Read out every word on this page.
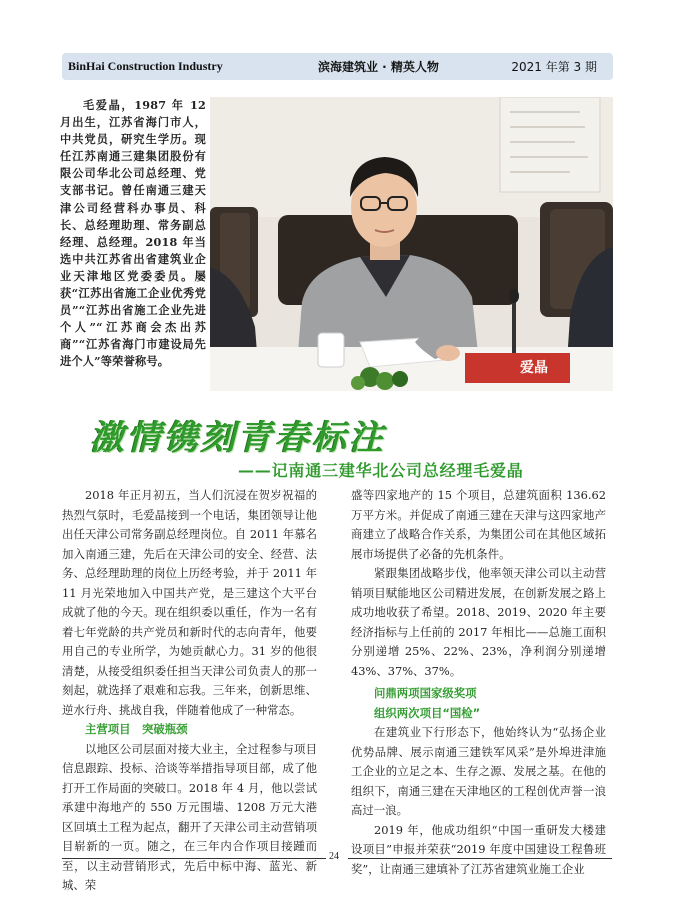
BinHai Construction Industry	滨海建筑业 · 精英人物	2021 年第 3 期
毛爱晶，1987 年 12 月出生，江苏省海门市人，中共党员，研究生学历。现任江苏南通三建集团股份有限公司华北公司总经理、党支部书记。曾任南通三建天津公司经营科办事员、科长、总经理助理、常务副总经理、总经理。2018 年当选中共江苏省出省建筑业企业天津地区党委委员。屡获“江苏出省施工企业优秀党员”“江苏出省施工企业先进个人”“江苏商会杰出苏商”“江苏省海门市建设局先进个人”等荣誉称号。	爱晶
激情镌刻青春标注
——记南通三建华北公司总经理毛爱晶

2018 年正月初五，当人们沉浸在贺岁祝福的热烈气氛时，毛爱晶接到一个电话，集团领导让他出任天津公司常务副总经理岗位。自 2011 年慕名加入南通三建，先后在天津公司的安全、经营、法务、总经理助理的岗位上历经考验，并于 2011 年 11 月光荣地加入中国共产党，是三建这个大平台成就了他的今天。现在组织委以重任，作为一名有着七年党龄的共产党员和新时代的志向青年，他要用自己的专业所学，为她贡献心力。31 岁的他很清楚，从接受组织委任担当天津公司负责人的那一刻起，就选择了艰难和忘我。三年来，创新思维、逆水行舟、挑战自我，伴随着他成了一种常态。

主营项目　突破瓶颈

以地区公司层面对接大业主，全过程参与项目信息跟踪、投标、洽谈等举措指导项目部，成了他打开工作局面的突破口。2018 年 4 月，他以尝试承建中海地产的 550 万元围墙、1208 万元大港区回填土工程为起点，翻开了天津公司主动营销项目崭新的一页。随之，在三年内合作项目接踵而至，以主动营销形式，先后中标中海、蓝光、新城、荣

盛等四家地产的 15 个项目，总建筑面积 136.62 万平方米。并促成了南通三建在天津与这四家地产商建立了战略合作关系，为集团公司在其他区域拓展市场提供了必备的先机条件。

紧跟集团战略步伐，他率领天津公司以主动营销项目赋能地区公司精进发展，在创新发展之路上成功地收获了希望。2018、2019、2020 年主要经济指标与上任前的 2017 年相比——总施工面积分别递增 25%、22%、23%，净利润分别递增 43%、37%、37%。

问鼎两项国家级奖项
组织两次项目“国检”

在建筑业下行形态下，他始终认为“弘扬企业优势品牌、展示南通三建铁军风采”是外埠进津施工企业的立足之本、生存之源、发展之基。在他的组织下，南通三建在天津地区的工程创优声誉一浪高过一浪。

2019 年，他成功组织“中国一重研发大楼建设项目”申报并荣获“2019 年度中国建设工程鲁班奖”，让南通三建填补了江苏省建筑业施工企业

24
